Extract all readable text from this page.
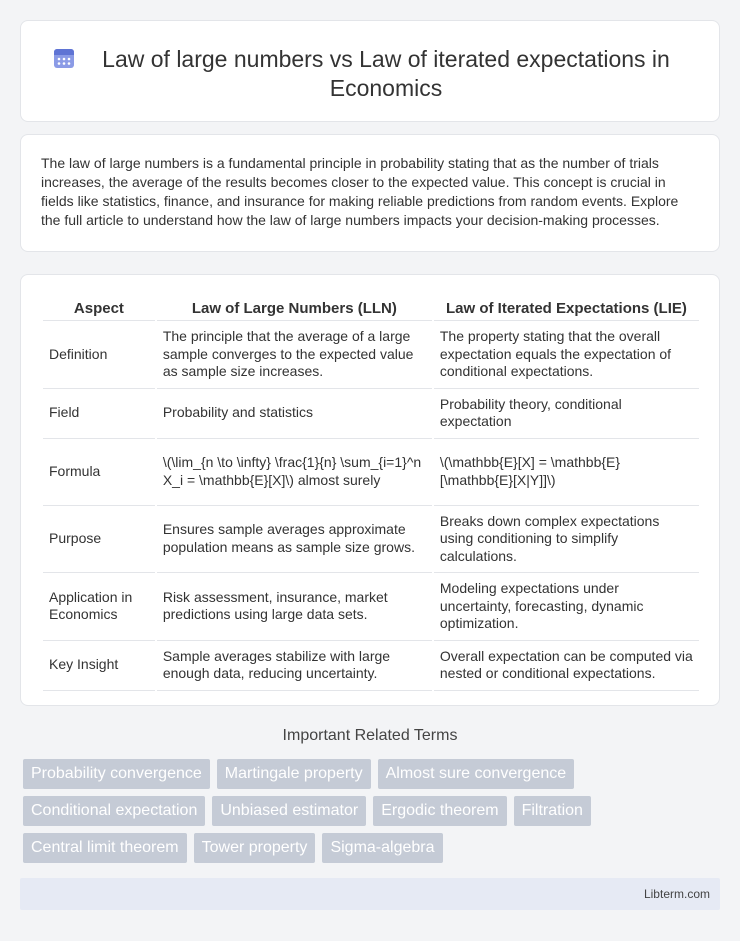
Law of large numbers vs Law of iterated expectations in Economics

The law of large numbers is a fundamental principle in probability stating that as the number of trials increases, the average of the results becomes closer to the expected value. This concept is crucial in fields like statistics, finance, and insurance for making reliable predictions from random events. Explore the full article to understand how the law of large numbers impacts your decision-making processes.

Aspect	Law of Large Numbers (LLN)	Law of Iterated Expectations (LIE)
Definition	The principle that the average of a large sample converges to the expected value as sample size increases.	The property stating that the overall expectation equals the expectation of conditional expectations.
Field	Probability and statistics	Probability theory, conditional expectation
Formula	\(\lim_{n \to \infty} \frac{1}{n} \sum_{i=1}^n X_i = \mathbb{E}[X]\) almost surely	\(\mathbb{E}[X] = \mathbb{E}[\mathbb{E}[X|Y]]\)
Purpose	Ensures sample averages approximate population means as sample size grows.	Breaks down complex expectations using conditioning to simplify calculations.
Application in Economics	Risk assessment, insurance, market predictions using large data sets.	Modeling expectations under uncertainty, forecasting, dynamic optimization.
Key Insight	Sample averages stabilize with large enough data, reducing uncertainty.	Overall expectation can be computed via nested or conditional expectations.
Important Related Terms
Probability convergence	Martingale property	Almost sure convergence
Conditional expectation	Unbiased estimator	Ergodic theorem	Filtration
Central limit theorem	Tower property	Sigma-algebra
Libterm.com
